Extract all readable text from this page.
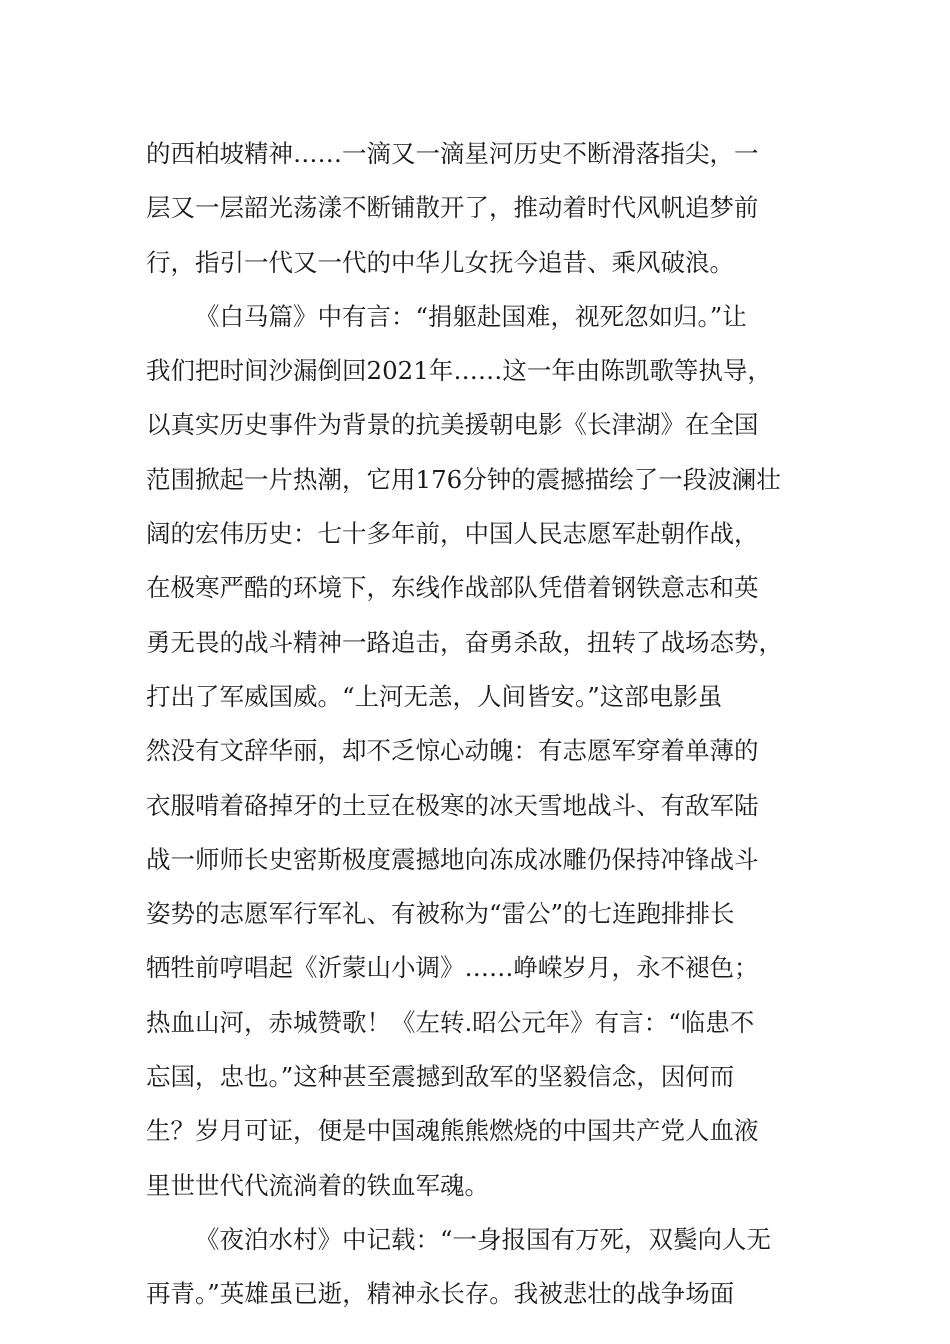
的西柏坡精神……一滴又一滴星河历史不断滑落指尖，一
层又一层韶光荡漾不断铺散开了，推动着时代风帆追梦前
行，指引一代又一代的中华儿女抚今追昔、乘风破浪。
《白马篇》中有言：“捐躯赴国难，视死忽如归。”让
我们把时间沙漏倒回2021年……这一年由陈凯歌等执导，
以真实历史事件为背景的抗美援朝电影《长津湖》在全国
范围掀起一片热潮，它用176分钟的震撼描绘了一段波澜壮
阔的宏伟历史：七十多年前，中国人民志愿军赴朝作战，
在极寒严酷的环境下，东线作战部队凭借着钢铁意志和英
勇无畏的战斗精神一路追击，奋勇杀敌，扭转了战场态势，
打出了军威国威。“上河无恙，人间皆安。”这部电影虽
然没有文辞华丽，却不乏惊心动魄：有志愿军穿着单薄的
衣服啃着硌掉牙的土豆在极寒的冰天雪地战斗、有敌军陆
战一师师长史密斯极度震撼地向冻成冰雕仍保持冲锋战斗
姿势的志愿军行军礼、有被称为“雷公”的七连跑排排长
牺牲前哼唱起《沂蒙山小调》……峥嵘岁月，永不褪色；
热血山河，赤城赞歌！《左转.昭公元年》有言：“临患不
忘国，忠也。”这种甚至震撼到敌军的坚毅信念，因何而
生？岁月可证，便是中国魂熊熊燃烧的中国共产党人血液
里世世代代流淌着的铁血军魂。
《夜泊水村》中记载：“一身报国有万死，双鬓向人无
再青。”英雄虽已逝，精神永长存。我被悲壮的战争场面
